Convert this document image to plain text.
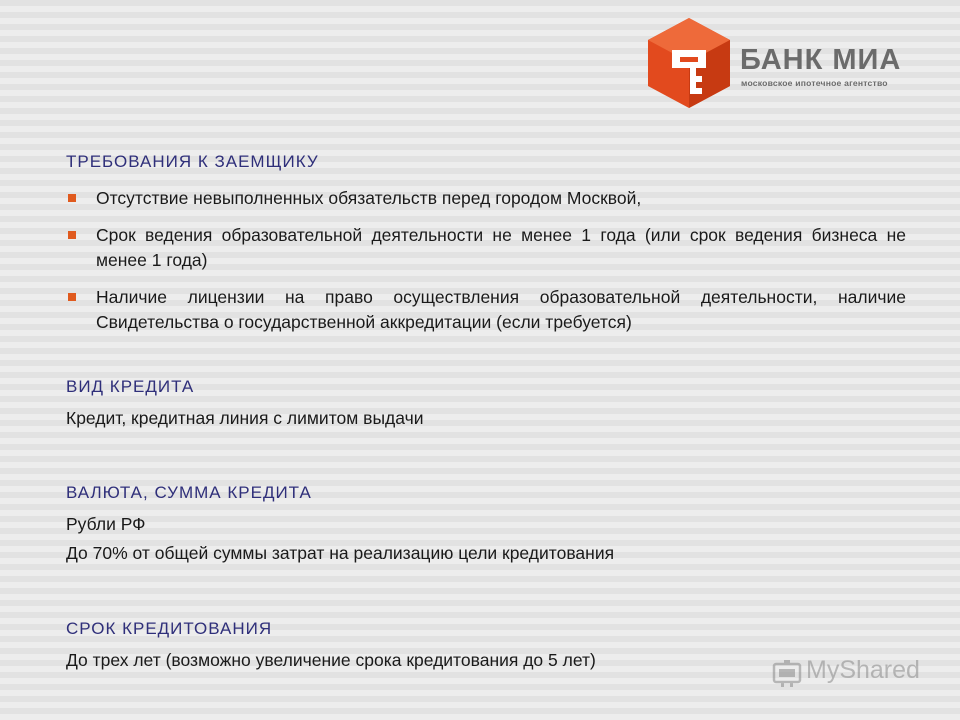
БАНК МИА
московское ипотечное агентство
ТРЕБОВАНИЯ К ЗАЕМЩИКУ
Отсутствие невыполненных обязательств перед городом Москвой,
Срок ведения образовательной деятельности не менее 1 года (или срок ведения бизнеса не менее 1 года)
Наличие лицензии на право осуществления образовательной деятельности, наличие Свидетельства о государственной аккредитации (если требуется)
ВИД КРЕДИТА
Кредит, кредитная линия с лимитом выдачи
ВАЛЮТА, СУММА КРЕДИТА
Рубли РФ
До 70% от общей суммы затрат на реализацию цели кредитования
СРОК КРЕДИТОВАНИЯ
До трех лет (возможно увеличение срока кредитования до 5 лет)	MyShared
